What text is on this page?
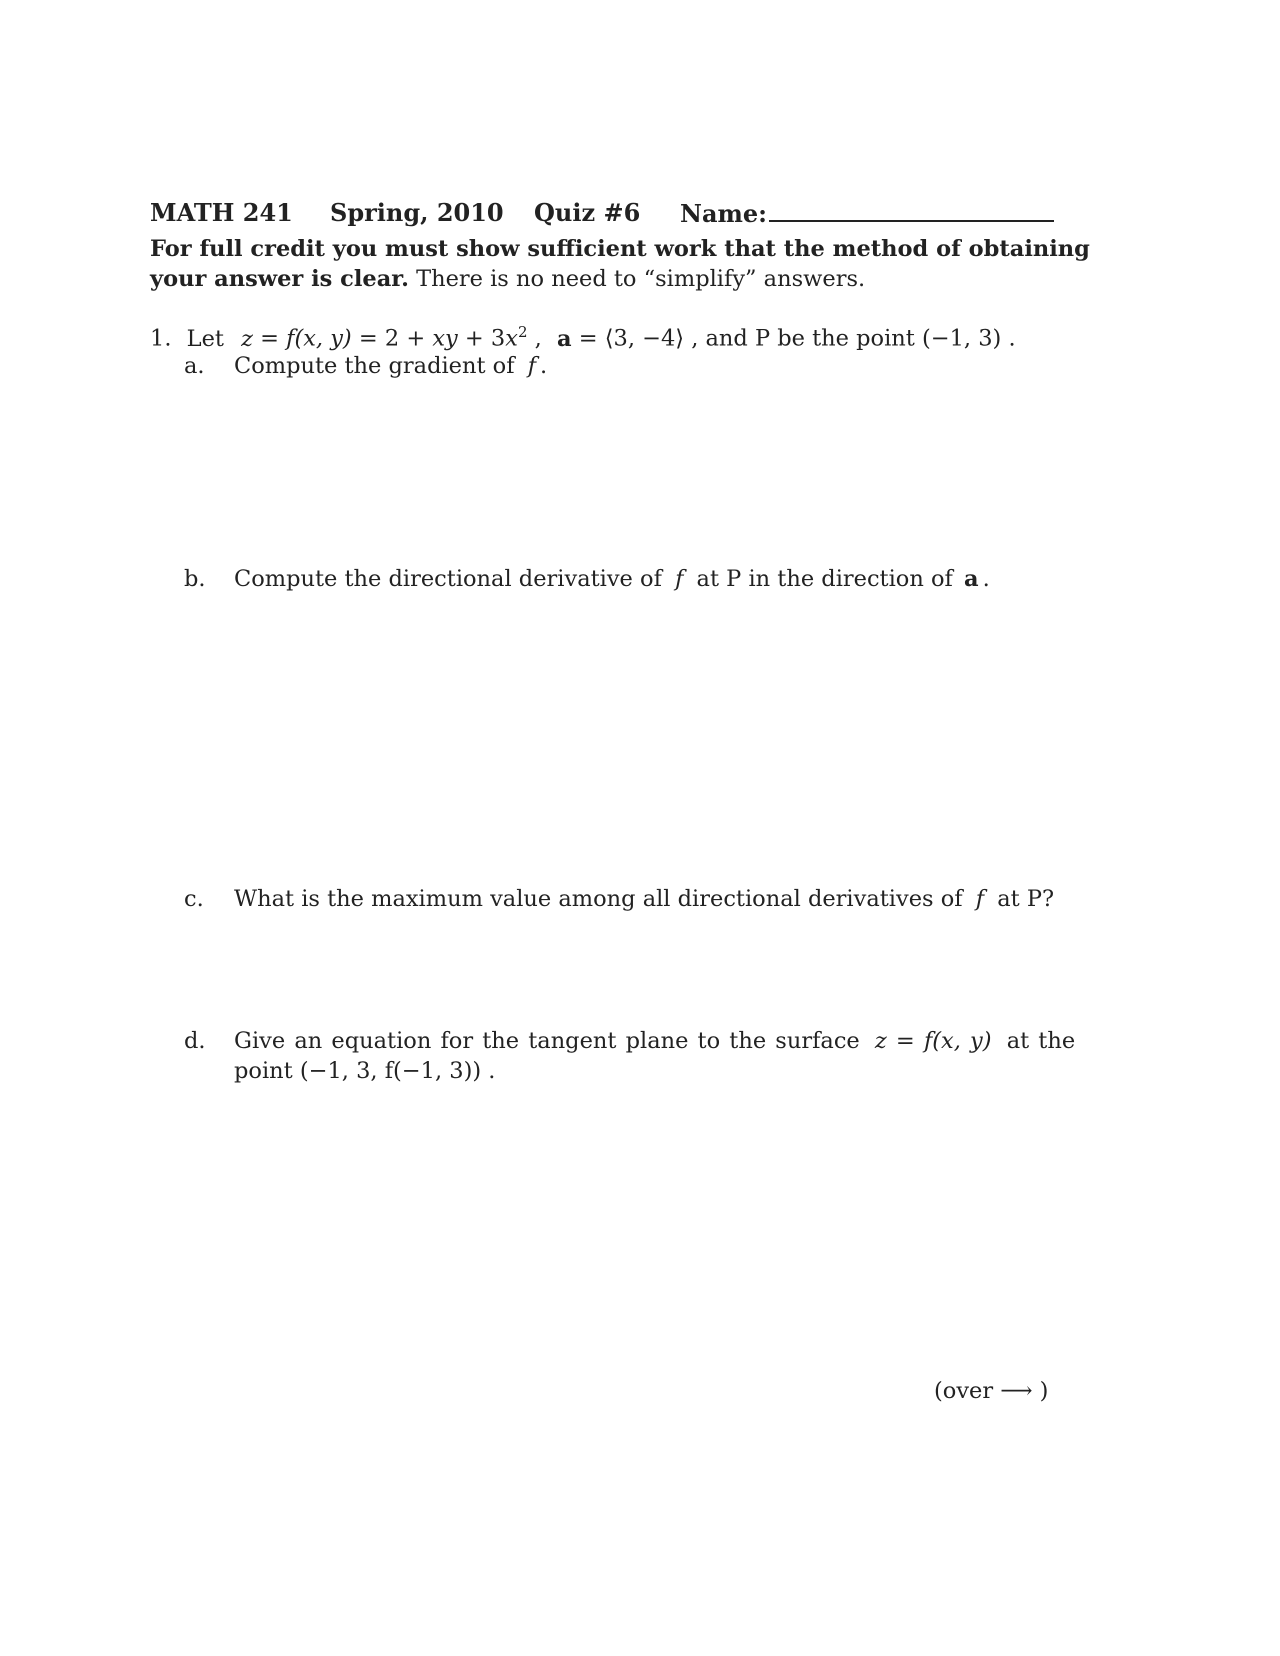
MATH 241 Spring, 2010 Quiz #6 Name:
For full credit you must show sufficient work that the method of obtaining
your answer is clear. There is no need to “simplify” answers.
1. Let z = f(x, y) = 2 + xy + $3x^2$ , a = ⟨3, −4⟩ , and P be the point (−1, 3) .
a. Compute the gradient of f .
b. Compute the directional derivative of f at P in the direction of a .
c. What is the maximum value among all directional derivatives of f at P?
d. Give an equation for the tangent plane to the surface z = f(x, y) at the
point (−1, 3, f(−1, 3)) .
(over ⟶ )
